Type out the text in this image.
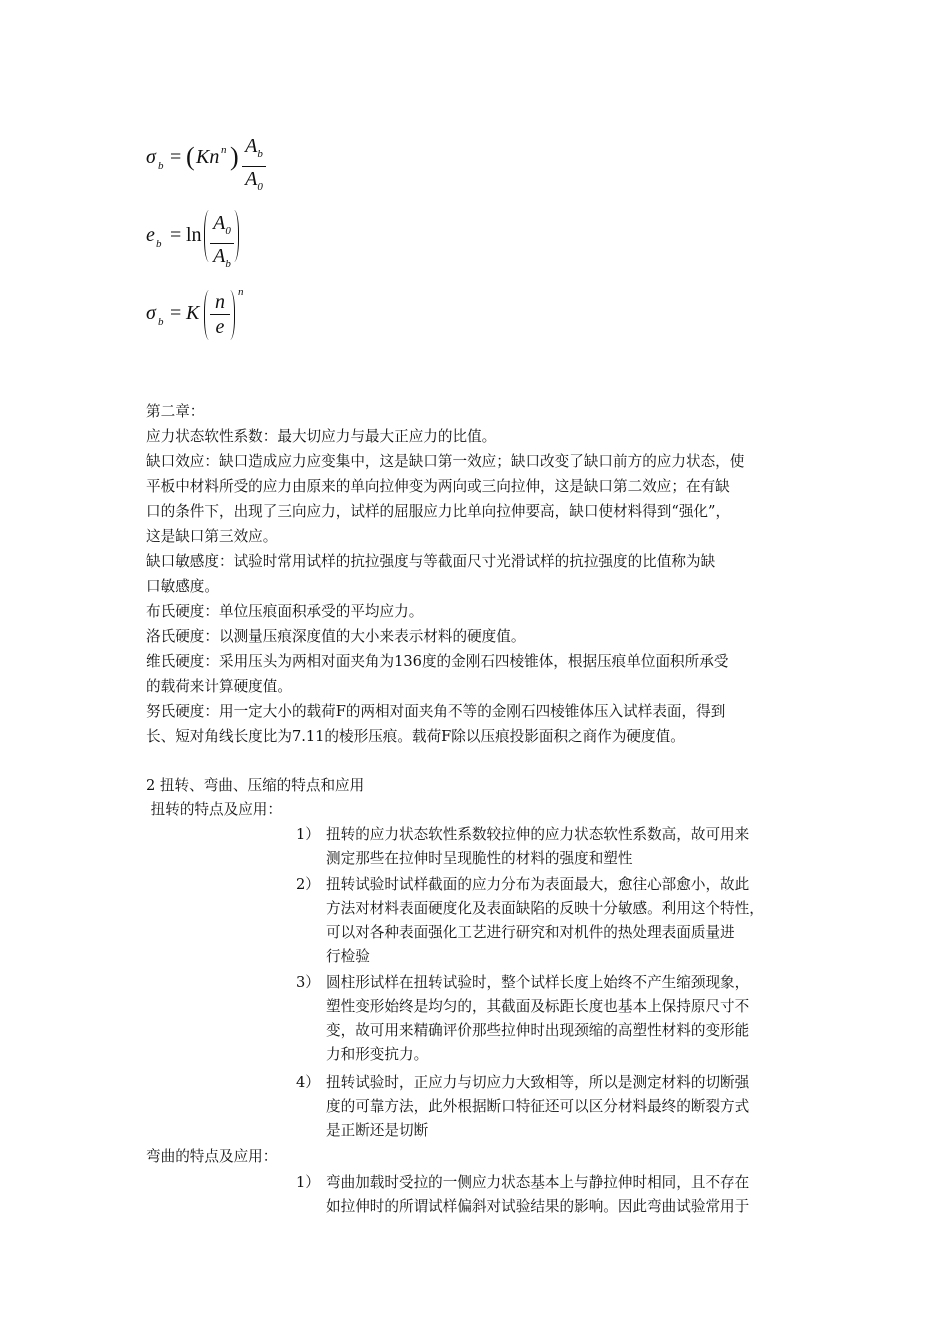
σ b = ( Kn n ) $A_b$
$A_0$
e b = ln
$A_0$
$A_b$
σ b = K n
e
n
第二章：
应力状态软性系数：最大切应力与最大正应力的比值。
缺口效应：缺口造成应力应变集中，这是缺口第一效应；缺口改变了缺口前方的应力状态，使
平板中材料所受的应力由原来的单向拉伸变为两向或三向拉伸，这是缺口第二效应；在有缺
口的条件下，出现了三向应力，试样的屈服应力比单向拉伸要高，缺口使材料得到“强化”，
这是缺口第三效应。
缺口敏感度：试验时常用试样的抗拉强度与等截面尺寸光滑试样的抗拉强度的比值称为缺
口敏感度。
布氏硬度：单位压痕面积承受的平均应力。
洛氏硬度：以测量压痕深度值的大小来表示材料的硬度值。
维氏硬度：采用压头为两相对面夹角为136度的金刚石四棱锥体，根据压痕单位面积所承受
的载荷来计算硬度值。
努氏硬度：用一定大小的载荷F的两相对面夹角不等的金刚石四棱锥体压入试样表面，得到
长、短对角线长度比为7.11的棱形压痕。载荷F除以压痕投影面积之商作为硬度值。
2 扭转、弯曲、压缩的特点和应用
扭转的特点及应用：
1） 扭转的应力状态软性系数较拉伸的应力状态软性系数高，故可用来
测定那些在拉伸时呈现脆性的材料的强度和塑性
2） 扭转试验时试样截面的应力分布为表面最大，愈往心部愈小，故此
方法对材料表面硬度化及表面缺陷的反映十分敏感。利用这个特性，
可以对各种表面强化工艺进行研究和对机件的热处理表面质量进
行检验
3） 圆柱形试样在扭转试验时，整个试样长度上始终不产生缩颈现象，
塑性变形始终是均匀的，其截面及标距长度也基本上保持原尺寸不
变，故可用来精确评价那些拉伸时出现颈缩的高塑性材料的变形能
力和形变抗力。
4） 扭转试验时，正应力与切应力大致相等，所以是测定材料的切断强
度的可靠方法，此外根据断口特征还可以区分材料最终的断裂方式
是正断还是切断
弯曲的特点及应用：
1） 弯曲加载时受拉的一侧应力状态基本上与静拉伸时相同，且不存在
如拉伸时的所谓试样偏斜对试验结果的影响。因此弯曲试验常用于
